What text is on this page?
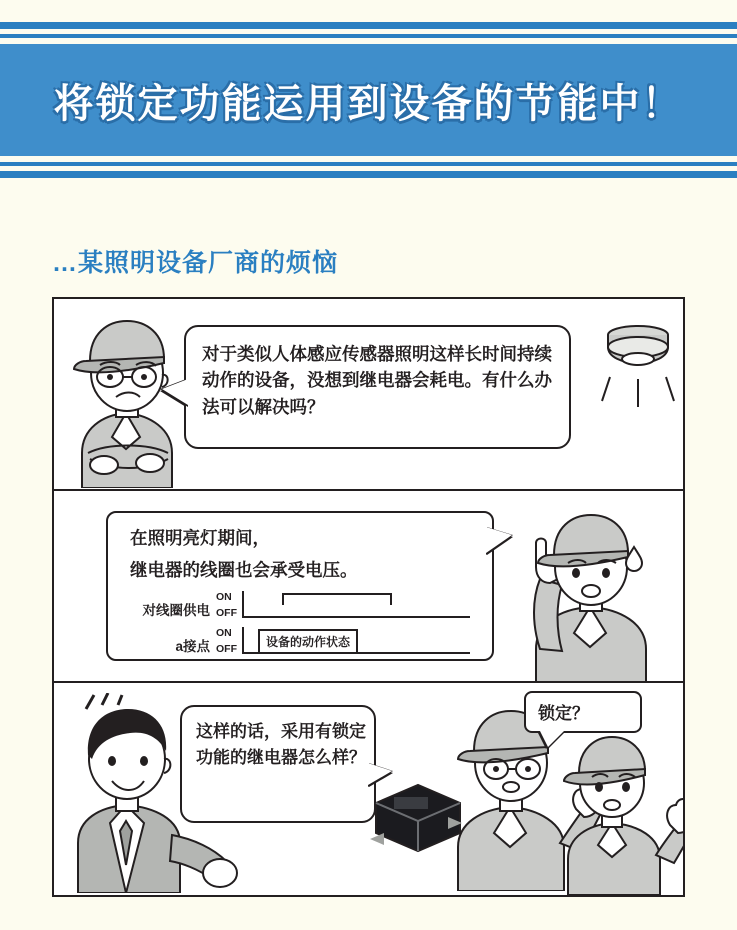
将锁定功能运用到设备的节能中！
…某照明设备厂商的烦恼
对于类似人体感应传感器照明这样长时间持续动作的设备，没想到继电器会耗电。有什么办法可以解决吗？
在照明亮灯期间，
继电器的线圈也会承受电压。
对线圈供电
ON
OFF
a接点
ON
OFF	设备的动作状态
这样的话，采用有锁定功能的继电器怎么样？
锁定？
